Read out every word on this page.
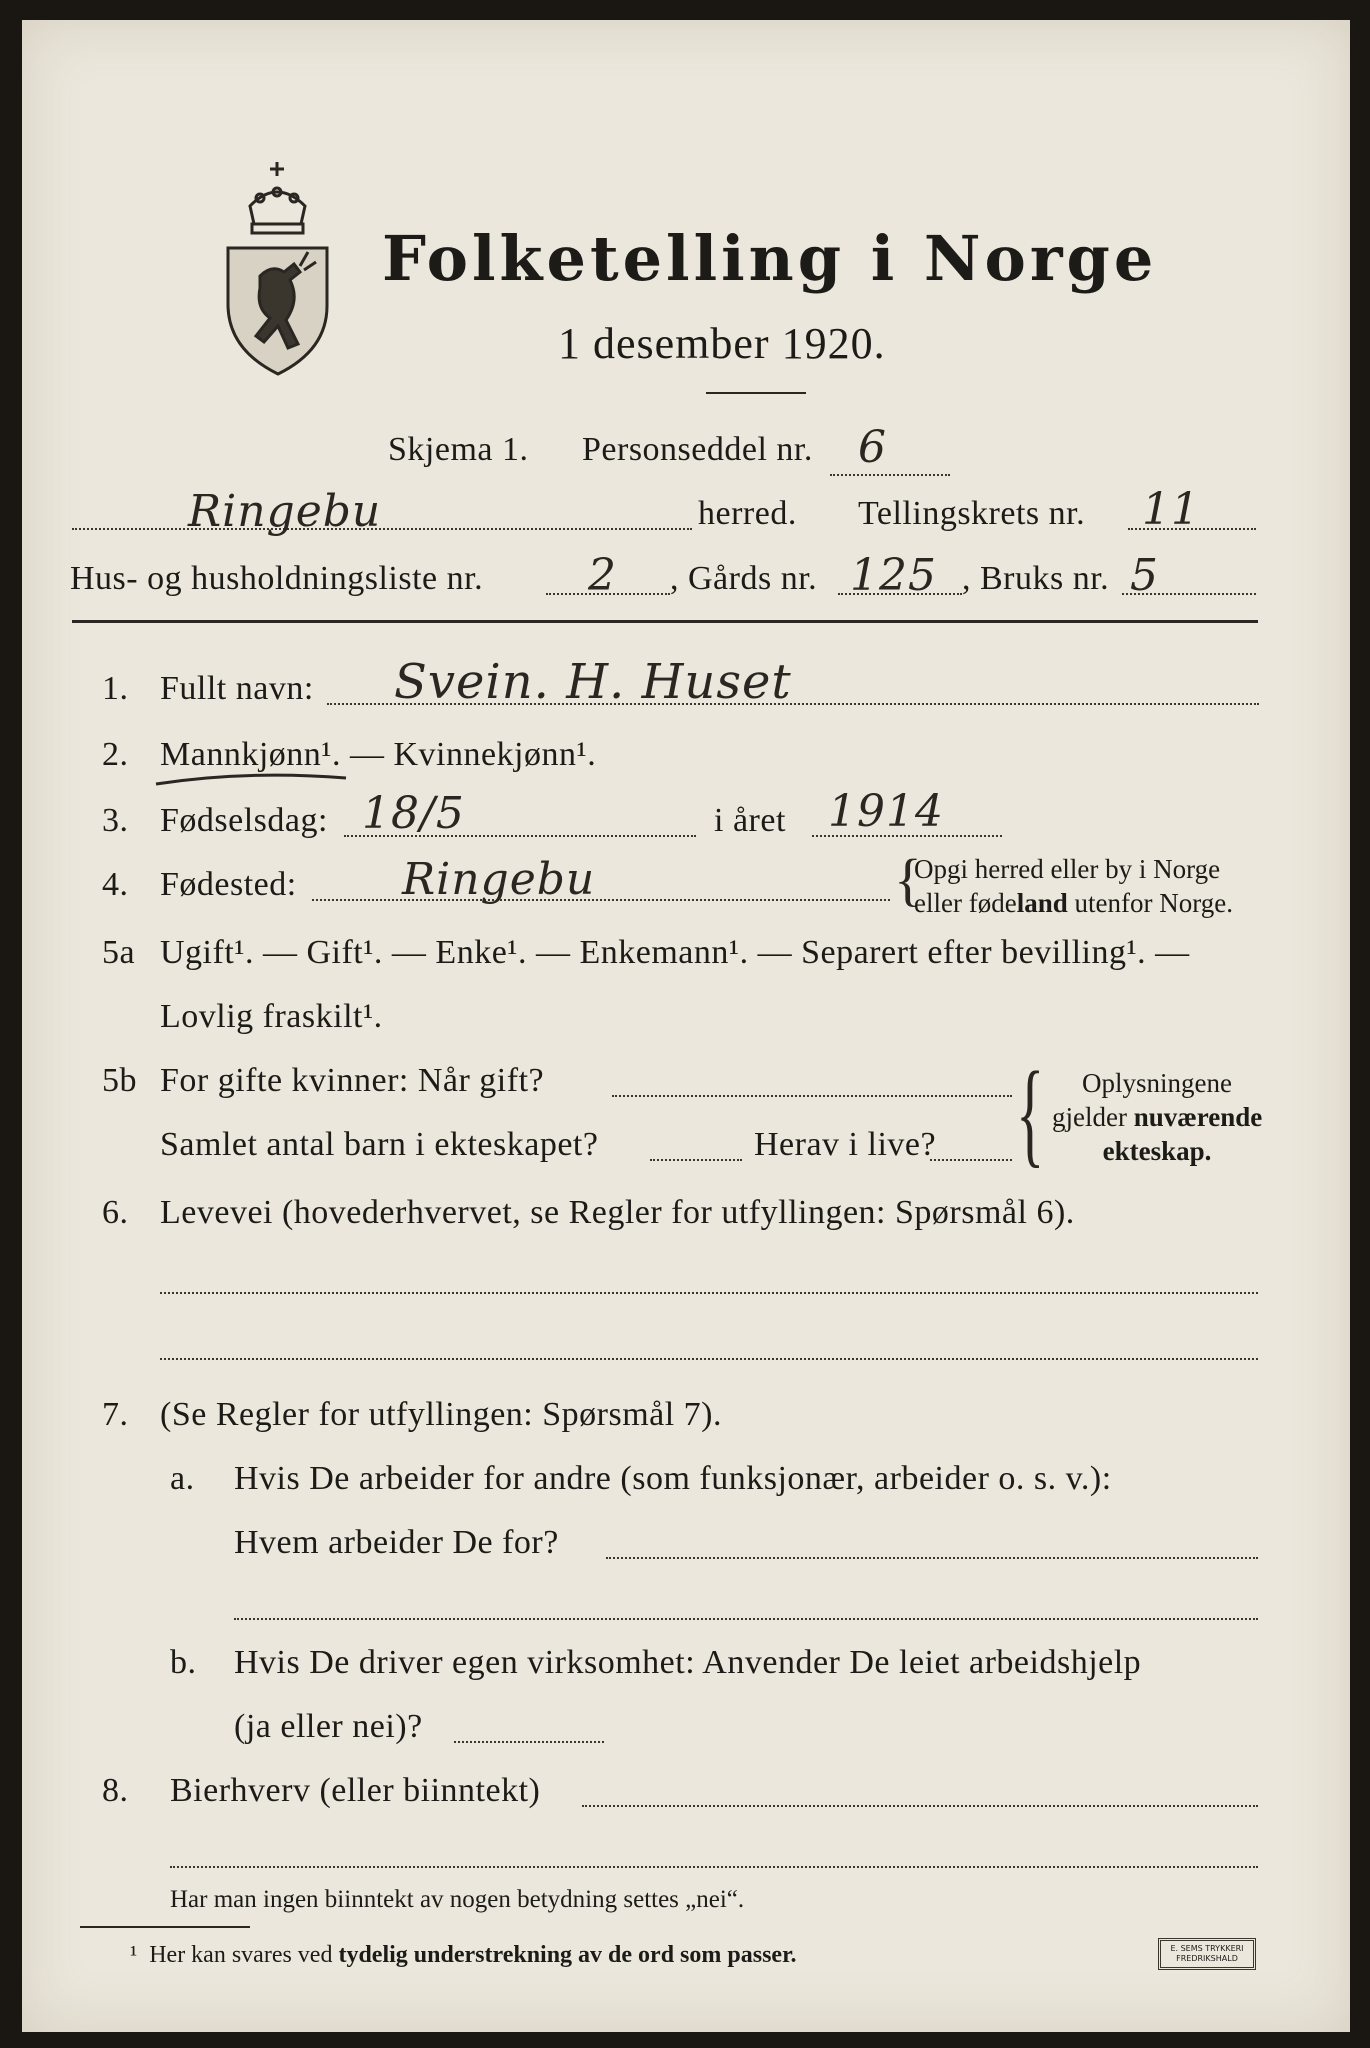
Folketelling i Norge
1 desember 1920.
Skjema 1. Personseddel nr. 6
Ringebu	herred. Tellingskrets nr. 11
Hus- og husholdningsliste nr. 2 , Gårds nr. 125 , Bruks nr. 5
1. Fullt navn: Svein. H. Huset
2. Mannkjønn¹. — Kvinnekjønn¹.
3. Fødselsdag: 18/5	i året 1914
4. Fødested: Ringebu	{
Opgi herred eller by i Norge
eller fødeland utenfor Norge.
5a Ugift¹. — Gift¹. — Enke¹. — Enkemann¹. — Separert efter bevilling¹. —
Lovlig fraskilt¹.
5b For gifte kvinner: Når gift?
Samlet antal barn i ekteskapet?	Herav i live? {	Oplysningene
gjelder nuværende
ekteskap.
6. Levevei (hovederhvervet, se Regler for utfyllingen: Spørsmål 6).
7. (Se Regler for utfyllingen: Spørsmål 7).
a. Hvis De arbeider for andre (som funksjonær, arbeider o. s. v.):
Hvem arbeider De for?
b. Hvis De driver egen virksomhet: Anvender De leiet arbeidshjelp
(ja eller nei)?
8. Bierhverv (eller biinntekt)
Har man ingen biinntekt av nogen betydning settes „nei“.
¹ Her kan svares ved tydelig understrekning av de ord som passer.	E. SEMS TRYKKERI
FREDRIKSHALD
